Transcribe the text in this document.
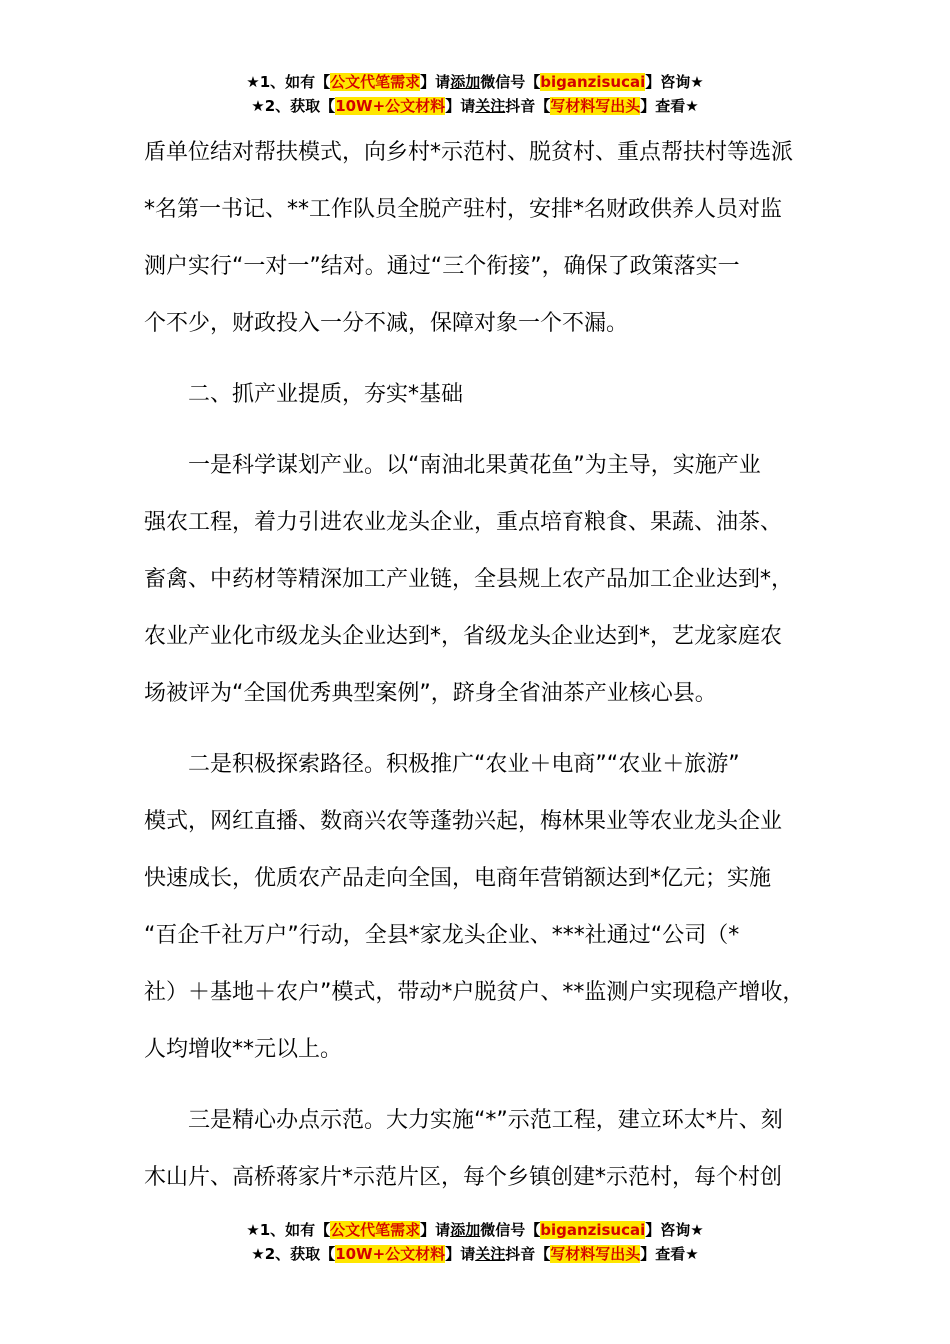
★1、如有【公文代笔需求】请添加微信号【biganzisucai】咨询★
★2、获取【10W+公文材料】请关注抖音【写材料写出头】查看★
盾单位结对帮扶模式，向乡村*示范村、脱贫村、重点帮扶村等选派
*名第一书记、**工作队员全脱产驻村，安排*名财政供养人员对监
测户实行“一对一”结对。通过“三个衔接”，确保了政策落实一
个不少，财政投入一分不减，保障对象一个不漏。
二、抓产业提质，夯实*基础
一是科学谋划产业。以“南油北果黄花鱼”为主导，实施产业
强农工程，着力引进农业龙头企业，重点培育粮食、果蔬、油茶、
畜禽、中药材等精深加工产业链，全县规上农产品加工企业达到*，
农业产业化市级龙头企业达到*，省级龙头企业达到*，艺龙家庭农
场被评为“全国优秀典型案例”，跻身全省油茶产业核心县。
二是积极探索路径。积极推广“农业＋电商”“农业＋旅游”
模式，网红直播、数商兴农等蓬勃兴起，梅林果业等农业龙头企业
快速成长，优质农产品走向全国，电商年营销额达到*亿元；实施
“百企千社万户”行动，全县*家龙头企业、***社通过“公司（*
社）＋基地＋农户”模式，带动*户脱贫户、**监测户实现稳产增收，
人均增收**元以上。
三是精心办点示范。大力实施“*”示范工程，建立环太*片、刻
木山片、高桥蒋家片*示范片区，每个乡镇创建*示范村，每个村创
★1、如有【公文代笔需求】请添加微信号【biganzisucai】咨询★
★2、获取【10W+公文材料】请关注抖音【写材料写出头】查看★
